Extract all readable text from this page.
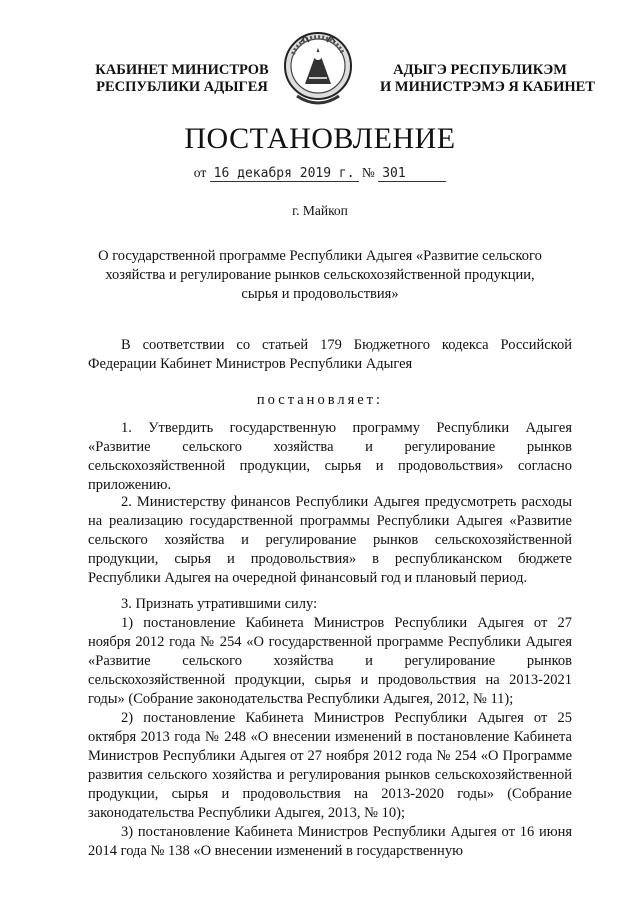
КАБИНЕТ МИНИСТРОВ
РЕСПУБЛИКИ АДЫГЕЯ
АДЫГЭ РЕСПУБЛИКЭМ
И МИНИСТРЭМЭ Я КАБИНЕТ
ПОСТАНОВЛЕНИЕ
от 16 декабря 2019 г. № 301
г. Майкоп
О государственной программе Республики Адыгея «Развитие сельского
хозяйства и регулирование рынков сельскохозяйственной продукции,
сырья и продовольствия»

В соответствии со статьей 179 Бюджетного кодекса Российской Федерации Кабинет Министров Республики Адыгея

постановляет:

1. Утвердить государственную программу Республики Адыгея «Развитие сельского хозяйства и регулирование рынков сельскохозяйственной продукции, сырья и продовольствия» согласно приложению.

2. Министерству финансов Республики Адыгея предусмотреть расходы на реализацию государственной программы Республики Адыгея «Развитие сельского хозяйства и регулирование рынков сельскохозяйственной продукции, сырья и продовольствия» в республиканском бюджете Республики Адыгея на очередной финансовый год и плановый период.

3. Признать утратившими силу:

1) постановление Кабинета Министров Республики Адыгея от 27 ноября 2012 года № 254 «О государственной программе Республики Адыгея «Развитие сельского хозяйства и регулирование рынков сельскохозяйственной продукции, сырья и продовольствия на 2013-2021 годы» (Собрание законодательства Республики Адыгея, 2012, № 11);

2) постановление Кабинета Министров Республики Адыгея от 25 октября 2013 года № 248 «О внесении изменений в постановление Кабинета Министров Республики Адыгея от 27 ноября 2012 года № 254 «О Программе развития сельского хозяйства и регулирования рынков сельскохозяйственной продукции, сырья и продовольствия на 2013-2020 годы» (Собрание законодательства Республики Адыгея, 2013, № 10);

3) постановление Кабинета Министров Республики Адыгея от 16 июня 2014 года № 138 «О внесении изменений в государственную
